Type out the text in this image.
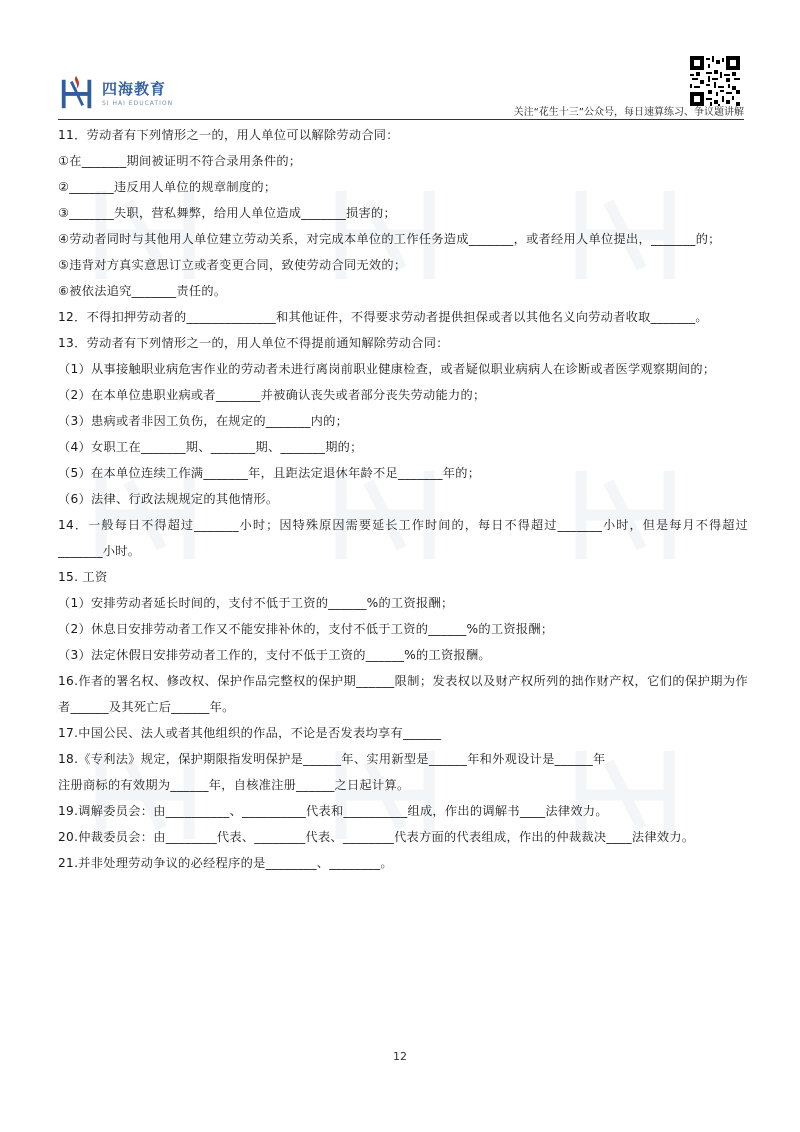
四海教育
SI HAI EDUCATION
关注“花生十三”公众号，每日速算练习、争议题讲解
11．劳动者有下列情形之一的，用人单位可以解除劳动合同：
①在_______期间被证明不符合录用条件的；
②_______违反用人单位的规章制度的；
③_______失职，营私舞弊，给用人单位造成_______损害的；
④劳动者同时与其他用人单位建立劳动关系，对完成本单位的工作任务造成_______，或者经用人单位提出，_______的；
⑤违背对方真实意思订立或者变更合同，致使劳动合同无效的；
⑥被依法追究_______责任的。
12．不得扣押劳动者的______________和其他证件，不得要求劳动者提供担保或者以其他名义向劳动者收取_______。
13．劳动者有下列情形之一的，用人单位不得提前通知解除劳动合同：
（1）从事接触职业病危害作业的劳动者未进行离岗前职业健康检查，或者疑似职业病病人在诊断或者医学观察期间的；
（2）在本单位患职业病或者_______并被确认丧失或者部分丧失劳动能力的；
（3）患病或者非因工负伤，在规定的_______内的；
（4）女职工在_______期、_______期、_______期的；
（5）在本单位连续工作满_______年，且距法定退休年龄不足_______年的；
（6）法律、行政法规规定的其他情形。
14．一般每日不得超过_______小时；因特殊原因需要延长工作时间的，每日不得超过_______小时，但是每月不得超过_______小时。
15. 工资
（1）安排劳动者延长时间的，支付不低于工资的______%的工资报酬；
（2）休息日安排劳动者工作又不能安排补休的，支付不低于工资的______%的工资报酬；
（3）法定休假日安排劳动者工作的，支付不低于工资的______%的工资报酬。
16.作者的署名权、修改权、保护作品完整权的保护期______限制；发表权以及财产权所列的拙作财产权，它们的保护期为作者______及其死亡后______年。
17.中国公民、法人或者其他组织的作品，不论是否发表均享有______
18.《专利法》规定，保护期限指发明保护是______年、实用新型是______年和外观设计是______年
注册商标的有效期为______年，自核准注册______之日起计算。
19.调解委员会：由__________、__________代表和__________组成，作出的调解书____法律效力。
20.仲裁委员会：由________代表、________代表、________代表方面的代表组成，作出的仲裁裁决____法律效力。
21.并非处理劳动争议的必经程序的是________、________。
12
